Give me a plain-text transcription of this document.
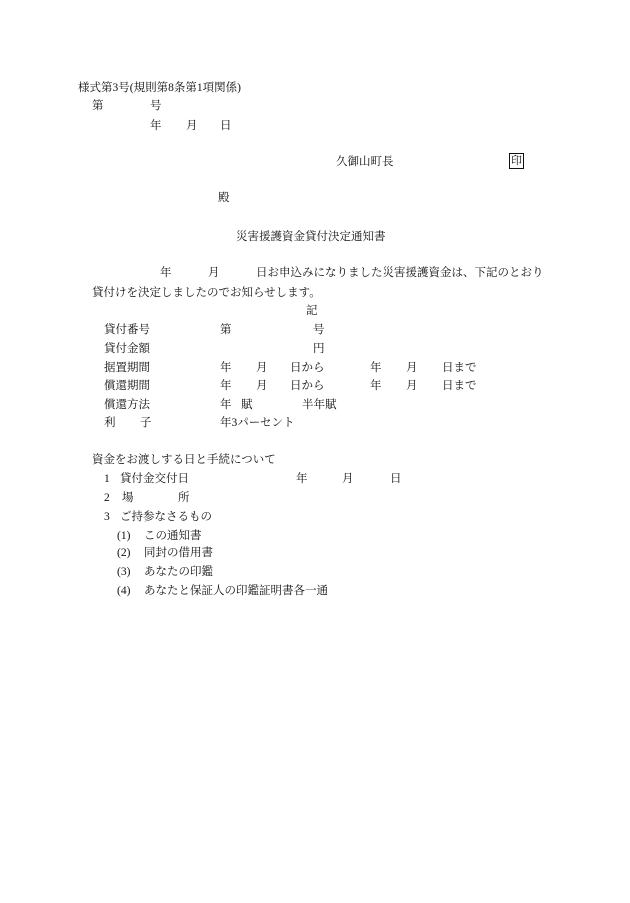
様式第3号(規則第8条第1項関係)
第	号
年 月 日
久御山町長	印
殿
災害援護資金貸付決定通知書
年	月	日お申込みになりました災害援護資金は、下記のとおり
貸付けを決定しましたのでお知らせします。
記
貸付番号	第	号
貸付金額	円
据置期間	年 月 日から	年 月 日まで
償還期間	年 月 日から	年 月 日まで
償還方法	年 賦	半年賦
利 子	年3パーセント
資金をお渡しする日と手続について
1 貸付金交付日	年	月	日
2 場	所
3 ご持参なさるもの
(1) この通知書
(2) 同封の借用書
(3) あなたの印鑑
(4) あなたと保証人の印鑑証明書各一通
